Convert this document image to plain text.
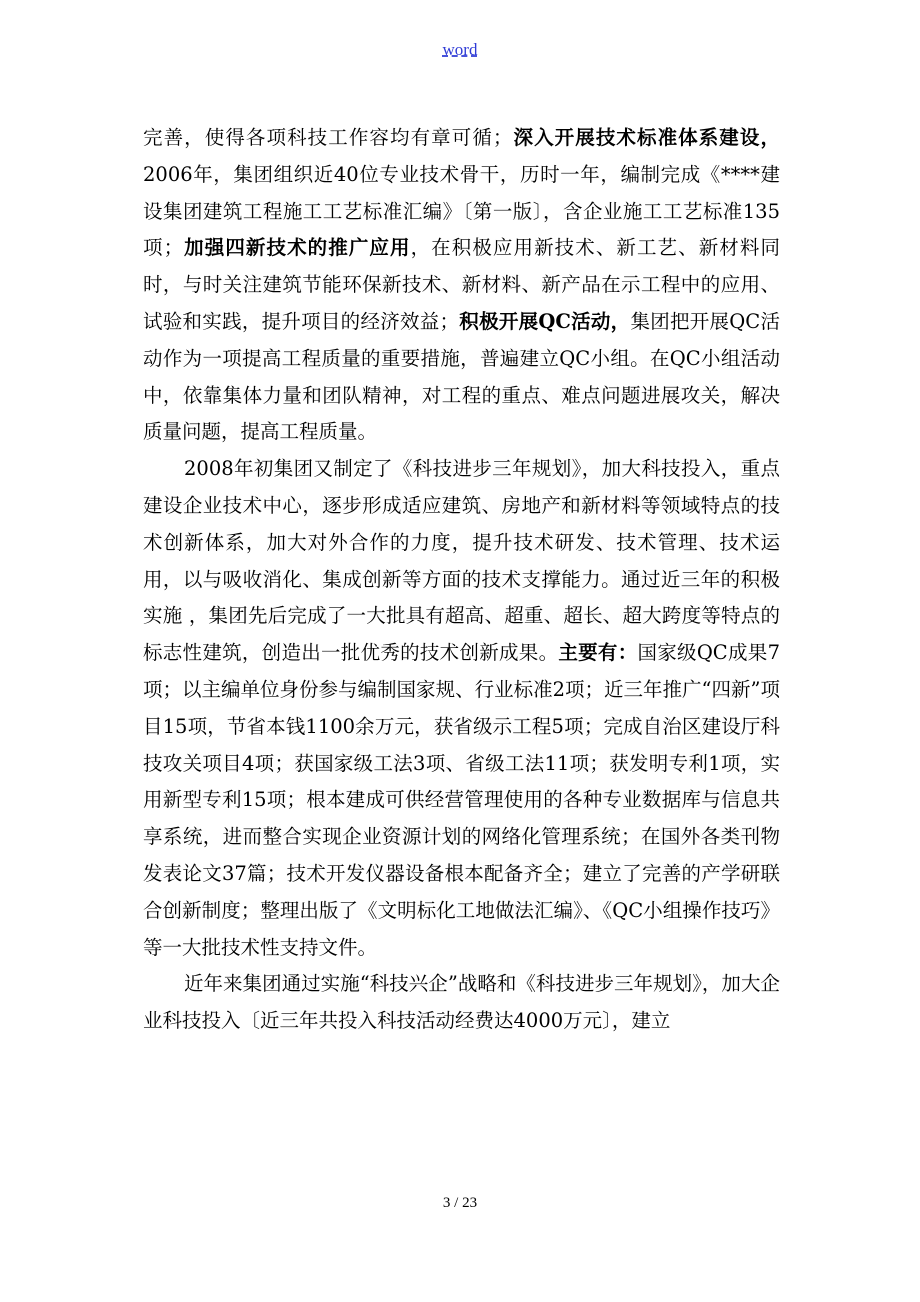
word

完善，使得各项科技工作容均有章可循；深入开展技术标准体系建设，2006年，集团组织近40位专业技术骨干，历时一年，编制完成《****建设集团建筑工程施工工艺标准汇编》〔第一版〕，含企业施工工艺标准135项；加强四新技术的推广应用，在积极应用新技术、新工艺、新材料同时，与时关注建筑节能环保新技术、新材料、新产品在示工程中的应用、试验和实践，提升项目的经济效益；积极开展QC活动，集团把开展QC活动作为一项提高工程质量的重要措施，普遍建立QC小组。在QC小组活动中，依靠集体力量和团队精神，对工程的重点、难点问题进展攻关，解决质量问题，提高工程质量。

2008年初集团又制定了《科技进步三年规划》，加大科技投入，重点建设企业技术中心，逐步形成适应建筑、房地产和新材料等领域特点的技术创新体系，加大对外合作的力度，提升技术研发、技术管理、技术运用，以与吸收消化、集成创新等方面的技术支撑能力。通过近三年的积极实施 ，集团先后完成了一大批具有超高、超重、超长、超大跨度等特点的标志性建筑，创造出一批优秀的技术创新成果。主要有：国家级QC成果7项；以主编单位身份参与编制国家规、行业标准2项；近三年推广“四新”项目15项，节省本钱1100余万元，获省级示工程5项；完成自治区建设厅科技攻关项目4项；获国家级工法3项、省级工法11项；获发明专利1项，实用新型专利15项；根本建成可供经营管理使用的各种专业数据库与信息共享系统，进而整合实现企业资源计划的网络化管理系统；在国外各类刊物发表论文37篇；技术开发仪器设备根本配备齐全；建立了完善的产学研联合创新制度；整理出版了《文明标化工地做法汇编》、《QC小组操作技巧》等一大批技术性支持文件。

近年来集团通过实施“科技兴企”战略和《科技进步三年规划》，加大企业科技投入〔近三年共投入科技活动经费达4000万元〕，建立

3 / 23
